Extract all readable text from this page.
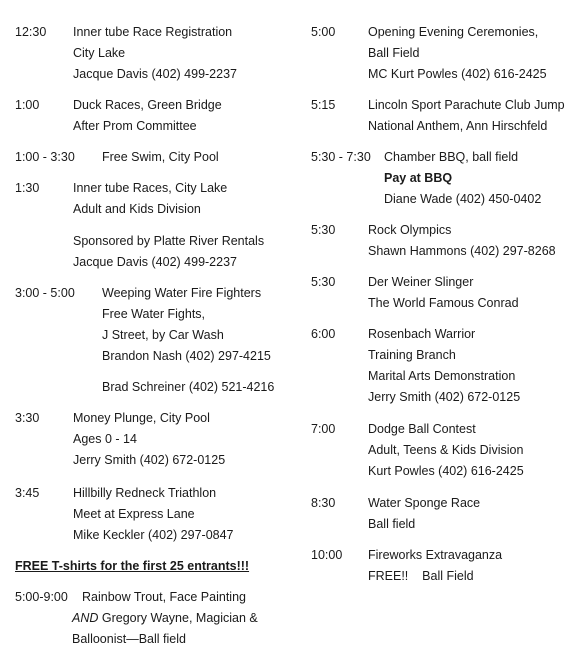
12:30 Inner tube Race Registration
City Lake
Jacque Davis (402) 499-2237
1:00	Duck Races, Green Bridge
After Prom Committee
1:00 - 3:30 Free Swim, City Pool
1:30	Inner tube Races, City Lake
Adult and Kids Division
Sponsored by Platte River Rentals
Jacque Davis (402) 499-2237
3:00 - 5:00 Weeping Water Fire Fighters
Free Water Fights,
J Street, by Car Wash
Brandon Nash (402) 297-4215
Brad Schreiner (402) 521-4216
3:30	Money Plunge, City Pool
Ages 0 - 14
Jerry Smith (402) 672-0125
3:45	Hillbilly Redneck Triathlon
Meet at Express Lane
Mike Keckler (402) 297-0847
FREE T-shirts for the first 25 entrants!!!
5:00-9:00 Rainbow Trout, Face Painting
AND Gregory Wayne, Magician &
Balloonist—Ball field
5:00	Opening Evening Ceremonies,
Ball Field
MC Kurt Powles (402) 616-2425
5:15	Lincoln Sport Parachute Club Jump
National Anthem, Ann Hirschfeld
5:30 - 7:30 Chamber BBQ, ball field
Pay at BBQ
Diane Wade (402) 450-0402
5:30	Rock Olympics
Shawn Hammons (402) 297-8268
5:30	Der Weiner Slinger
The World Famous Conrad
6:00	Rosenbach Warrior
Training Branch
Marital Arts Demonstration
Jerry Smith (402) 672-0125
7:00	Dodge Ball Contest
Adult, Teens & Kids Division
Kurt Powles (402) 616-2425
8:30	Water Sponge Race
Ball field
10:00 Fireworks Extravaganza
FREE!!    Ball Field
